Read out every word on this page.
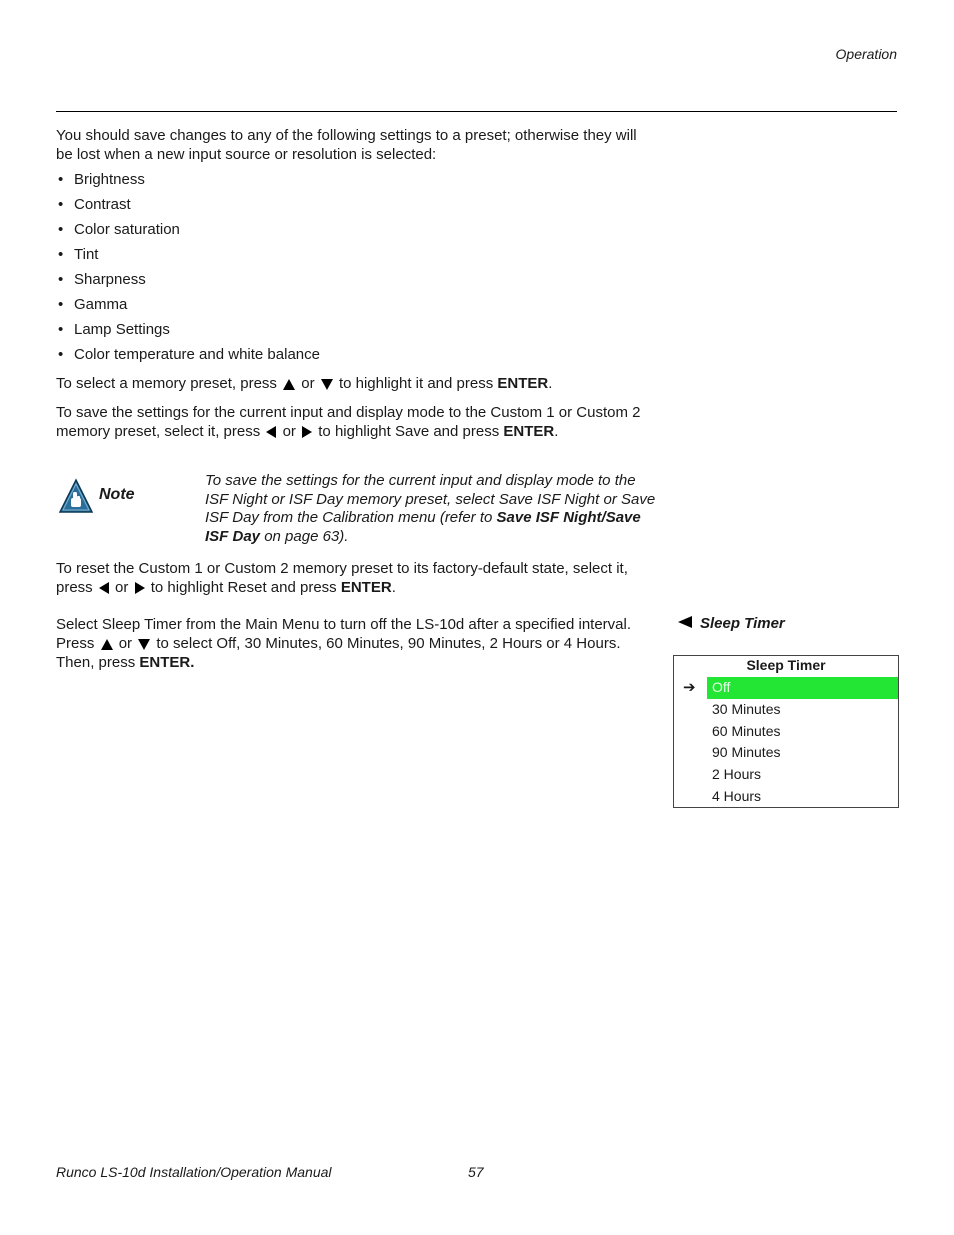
Operation
You should save changes to any of the following settings to a preset; otherwise they will be lost when a new input source or resolution is selected:
• Brightness
• Contrast
• Color saturation
• Tint
• Sharpness
• Gamma
• Lamp Settings
• Color temperature and white balance
To select a memory preset, press or to highlight it and press ENTER.
To save the settings for the current input and display mode to the Custom 1 or Custom 2 memory preset, select it, press or to highlight Save and press ENTER.
Note
To save the settings for the current input and display mode to the ISF Night or ISF Day memory preset, select Save ISF Night or Save ISF Day from the Calibration menu (refer to Save ISF Night/Save ISF Day on page 63).
To reset the Custom 1 or Custom 2 memory preset to its factory-default state, select it, press or to highlight Reset and press ENTER.
Select Sleep Timer from the Main Menu to turn off the LS-10d after a specified interval. Press or to select Off, 30 Minutes, 60 Minutes, 90 Minutes, 2 Hours or 4 Hours. Then, press ENTER.
Sleep Timer
Sleep Timer
➔ Off
30 Minutes
60 Minutes
90 Minutes
2 Hours
4 Hours
Runco LS-10d Installation/Operation Manual	57
